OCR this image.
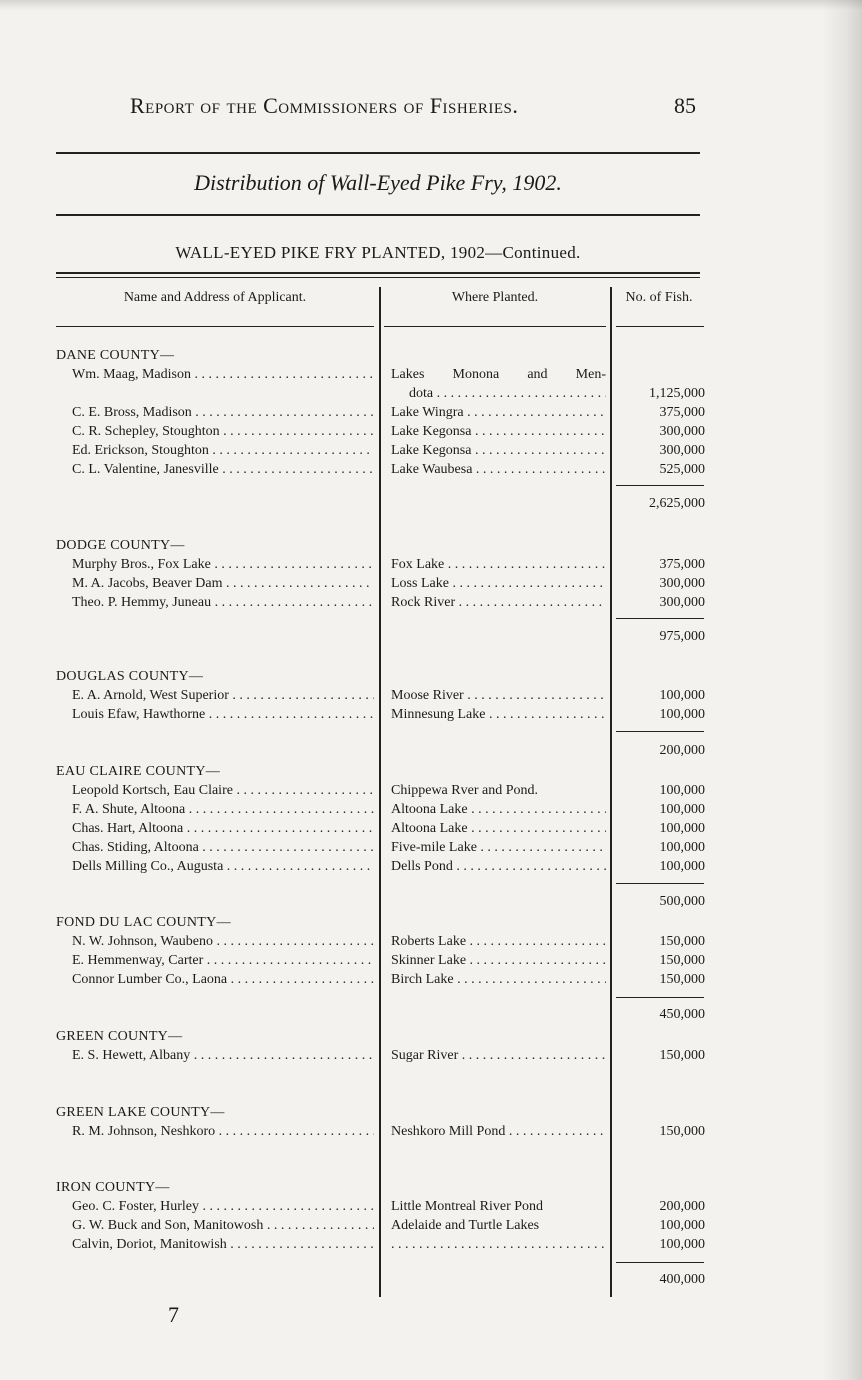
Report of the Commissioners of Fisheries.	85
Distribution of Wall-Eyed Pike Fry, 1902.
WALL-EYED PIKE FRY PLANTED, 1902—Continued.
Name and Address of Applicant.	Where Planted.	No. of Fish.
DANE COUNTY—
Wm. Maag, Madison . . .	Lakes Monona and Men-
dota . . .	1,125,000
C. E. Bross, Madison . . .	Lake Wingra . . .	375,000
C. R. Schepley, Stoughton . . .	Lake Kegonsa . . .	300,000
Ed. Erickson, Stoughton . . .	Lake Kegonsa . . .	300,000
C. L. Valentine, Janesville . . .	Lake Waubesa . . .	525,000
2,625,000
DODGE COUNTY—
Murphy Bros., Fox Lake . . .	Fox Lake . . .	375,000
M. A. Jacobs, Beaver Dam . . .	Loss Lake . . .	300,000
Theo. P. Hemmy, Juneau . . .	Rock River . . .	300,000
975,000
DOUGLAS COUNTY—
E. A. Arnold, West Superior . . .	Moose River . . .	100,000
Louis Efaw, Hawthorne . . .	Minnesung Lake . . .	100,000
200,000
EAU CLAIRE COUNTY—
Leopold Kortsch, Eau Claire . . .	Chippewa Rver and Pond.	100,000
F. A. Shute, Altoona . . .	Altoona Lake . . .	100,000
Chas. Hart, Altoona . . .	Altoona Lake . . .	100,000
Chas. Stiding, Altoona . . .	Five-mile Lake . . .	100,000
Dells Milling Co., Augusta . . .	Dells Pond . . .	100,000
500,000
FOND DU LAC COUNTY—
N. W. Johnson, Waubeno . . .	Roberts Lake . . .	150,000
E. Hemmenway, Carter . . .	Skinner Lake . . .	150,000
Connor Lumber Co., Laona . . .	Birch Lake . . .	150,000
450,000
GREEN COUNTY—
E. S. Hewett, Albany . . .	Sugar River . . .	150,000
GREEN LAKE COUNTY—
R. M. Johnson, Neshkoro . . .	Neshkoro Mill Pond . . .	150,000
IRON COUNTY—
Geo. C. Foster, Hurley . . .	Little Montreal River Pond	200,000
G. W. Buck and Son, Manitowosh . . .	Adelaide and Turtle Lakes	100,000
Calvin, Doriot, Manitowish . . .
. . .	100,000
400,000
7
